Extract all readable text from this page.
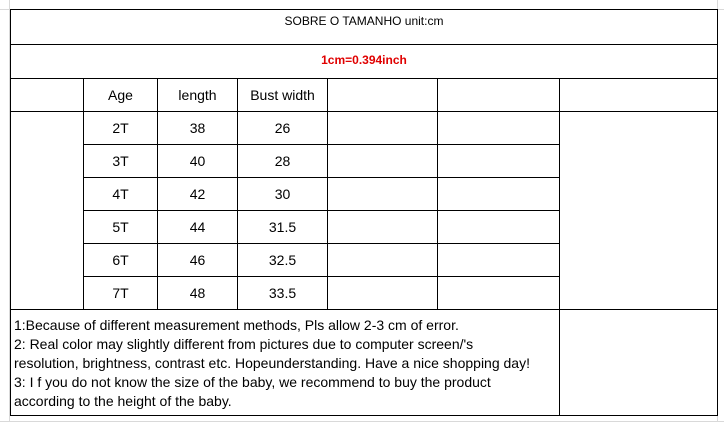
SOBRE O TAMANHO unit:cm
1cm=0.394inch
Age	length	Bust width
2T	38	26
3T	40	28
4T	42	30
5T	44	31.5
6T	46	32.5
7T	48	33.5
1:Because of different measurement methods, Pls allow 2-3 cm of error.
2: Real color may slightly different from pictures due to computer screen/'s
resolution, brightness, contrast etc. Hopeunderstanding. Have a nice shopping day!
3: I f you do not know the size of the baby, we recommend to buy the product
according to the height of the baby.
